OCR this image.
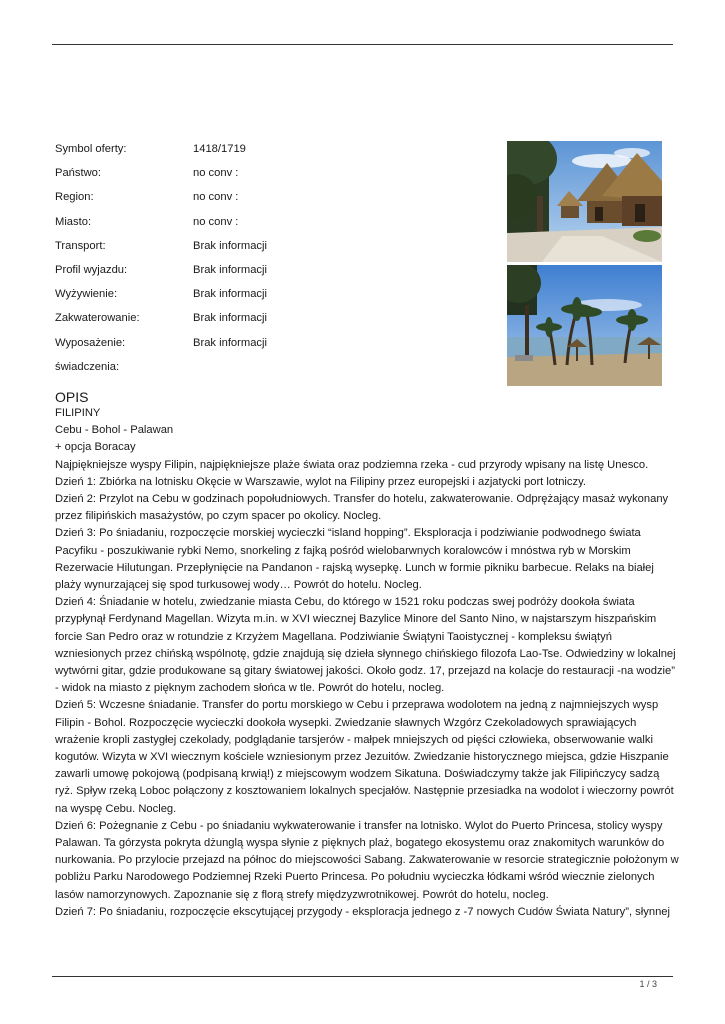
Symbol oferty:	1418/1719
Państwo:	no conv :
Region:	no conv :
Miasto:	no conv :
Transport:	Brak informacji
Profil wyjazdu:	Brak informacji
Wyżywienie:	Brak informacji
Zakwaterowanie:	Brak informacji
Wyposażenie:	Brak informacji
świadczenia:
OPIS

FILIPINY

Cebu - Bohol - Palawan

+ opcja Boracay

Najpiękniejsze wyspy Filipin, najpiękniejsze plaże świata oraz podziemna rzeka - cud przyrody wpisany na listę Unesco.

Dzień 1: Zbiórka na lotnisku Okęcie w Warszawie, wylot na Filipiny przez europejski i azjatycki port lotniczy.

Dzień 2: Przylot na Cebu w godzinach popołudniowych. Transfer do hotelu, zakwaterowanie. Odprężający masaż wykonany przez filipińskich masażystów, po czym spacer po okolicy. Nocleg.

Dzień 3: Po śniadaniu, rozpoczęcie morskiej wycieczki “island hopping”. Eksploracja i podziwianie podwodnego świata Pacyfiku - poszukiwanie rybki Nemo, snorkeling z fajką pośród wielobarwnych koralowców i mnóstwa ryb w Morskim Rezerwacie Hilutungan. Przepłynięcie na Pandanon - rajską wysepkę. Lunch w formie pikniku barbecue. Relaks na białej plaży wynurzającej się spod turkusowej wody… Powrót do hotelu. Nocleg.

Dzień 4: Śniadanie w hotelu, zwiedzanie miasta Cebu, do którego w 1521 roku podczas swej podróży dookoła świata przypłynął Ferdynand Magellan. Wizyta m.in. w XVI wiecznej Bazylice Minore del Santo Nino, w najstarszym hiszpańskim forcie San Pedro oraz w rotundzie z Krzyżem Magellana. Podziwianie Świątyni Taoistycznej - kompleksu świątyń wzniesionych przez chińską wspólnotę, gdzie znajdują się dzieła słynnego chińskiego filozofa Lao-Tse. Odwiedziny w lokalnej wytwórni gitar, gdzie produkowane są gitary światowej jakości. Około godz. 17, przejazd na kolacje do restauracji -na wodzie” - widok na miasto z pięknym zachodem słońca w tle. Powrót do hotelu, nocleg.

Dzień 5: Wczesne śniadanie. Transfer do portu morskiego w Cebu i przeprawa wodolotem na jedną z najmniejszych wysp Filipin - Bohol. Rozpoczęcie wycieczki dookoła wysepki. Zwiedzanie sławnych Wzgórz Czekoladowych sprawiających wrażenie kropli zastygłej czekolady, podglądanie tarsjerów - małpek mniejszych od pięści człowieka, obserwowanie walki kogutów. Wizyta w XVI wiecznym kościele wzniesionym przez Jezuitów. Zwiedzanie historycznego miejsca, gdzie Hiszpanie zawarli umowę pokojową (podpisaną krwią!) z miejscowym wodzem Sikatuna. Doświadczymy także jak Filipińczycy sadzą ryż. Spływ rzeką Loboc połączony z kosztowaniem lokalnych specjałów. Następnie przesiadka na wodolot i wieczorny powrót na wyspę Cebu. Nocleg.

Dzień 6: Pożegnanie z Cebu - po śniadaniu wykwaterowanie i transfer na lotnisko. Wylot do Puerto Princesa, stolicy wyspy Palawan. Ta górzysta pokryta dżunglą wyspa słynie z pięknych plaż, bogatego ekosystemu oraz znakomitych warunków do nurkowania. Po przylocie przejazd na północ do miejscowości Sabang. Zakwaterowanie w resorcie strategicznie położonym w pobliżu Parku Narodowego Podziemnej Rzeki Puerto Princesa. Po południu wycieczka łódkami wśród wiecznie zielonych lasów namorzynowych. Zapoznanie się z florą strefy międzyzwrotnikowej. Powrót do hotelu, nocleg.

Dzień 7: Po śniadaniu, rozpoczęcie ekscytującej przygody - eksploracja jednego z -7 nowych Cudów Świata Natury”, słynnej

1 / 3
